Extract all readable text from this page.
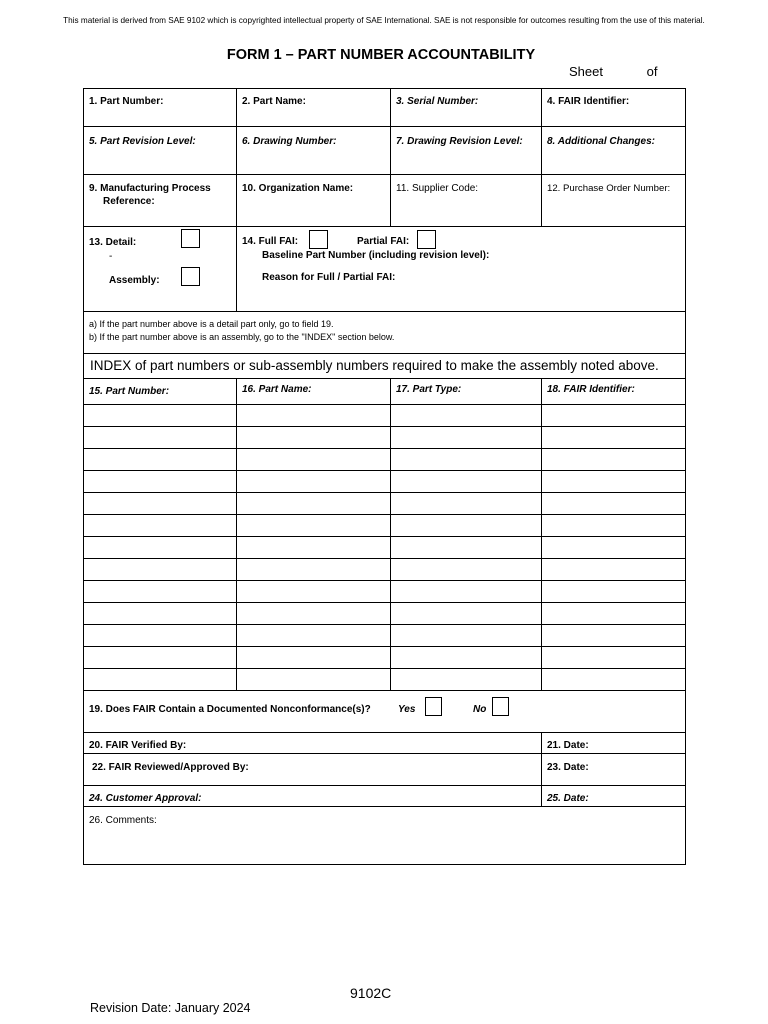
This material is derived from SAE 9102 which is copyrighted intellectual property of SAE International. SAE is not responsible for outcomes resulting from the use of this material.
FORM 1 – PART NUMBER ACCOUNTABILITY
Sheet	of
1. Part Number:	2. Part Name:	3. Serial Number:	4. FAIR Identifier:

5. Part Revision Level:	6. Drawing Number:	7. Drawing Revision Level:	8. Additional Changes:

9. Manufacturing Process
Reference:	10. Organization Name:	11. Supplier Code:	12. Purchase Order Number:

13. Detail:
-
Assembly:	14. Full FAI: Partial FAI:
Baseline Part Number (including revision level):
Reason for Full / Partial FAI:		

a) If the part number above is a detail part only, go to field 19.
b) If the part number above is an assembly, go to the "INDEX" section below.			

INDEX of part numbers or sub-assembly numbers required to make the assembly noted above.			

15. Part Number:	16. Part Name:	17. Part Type:	18. FAIR Identifier:

19. Does FAIR Contain a Documented Nonconformance(s)? Yes No			

20. FAIR Verified By:			21. Date:

22. FAIR Reviewed/Approved By:			23. Date:

24. Customer Approval:			25. Date:

26. Comments:			
9102C
Revision Date: January 2024
